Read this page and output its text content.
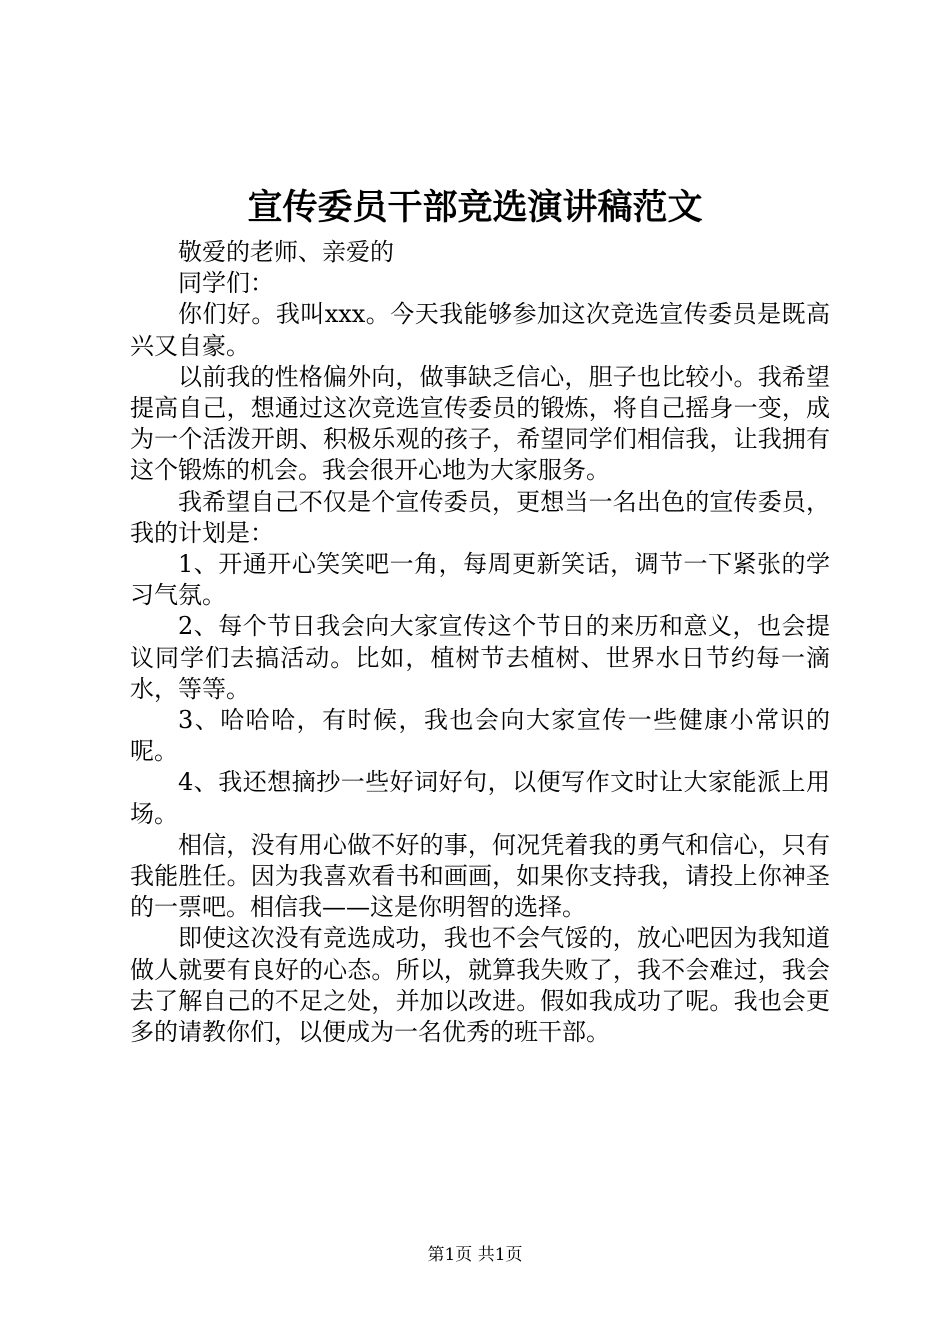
宣传委员干部竞选演讲稿范文

敬爱的老师、亲爱的

同学们：

你们好。我叫xxx。今天我能够参加这次竞选宣传委员是既高兴又自豪。

以前我的性格偏外向，做事缺乏信心，胆子也比较小。我希望提高自己，想通过这次竞选宣传委员的锻炼，将自己摇身一变，成为一个活泼开朗、积极乐观的孩子，希望同学们相信我，让我拥有这个锻炼的机会。我会很开心地为大家服务。

我希望自己不仅是个宣传委员，更想当一名出色的宣传委员，我的计划是：

1、开通开心笑笑吧一角，每周更新笑话，调节一下紧张的学习气氛。

2、每个节日我会向大家宣传这个节日的来历和意义，也会提议同学们去搞活动。比如，植树节去植树、世界水日节约每一滴水，等等。

3、哈哈哈，有时候，我也会向大家宣传一些健康小常识的呢。

4、我还想摘抄一些好词好句，以便写作文时让大家能派上用场。

相信，没有用心做不好的事，何况凭着我的勇气和信心，只有我能胜任。因为我喜欢看书和画画，如果你支持我，请投上你神圣的一票吧。相信我——这是你明智的选择。

即使这次没有竞选成功，我也不会气馁的，放心吧因为我知道做人就要有良好的心态。所以，就算我失败了，我不会难过，我会去了解自己的不足之处，并加以改进。假如我成功了呢。我也会更多的请教你们，以便成为一名优秀的班干部。

第1页 共1页
